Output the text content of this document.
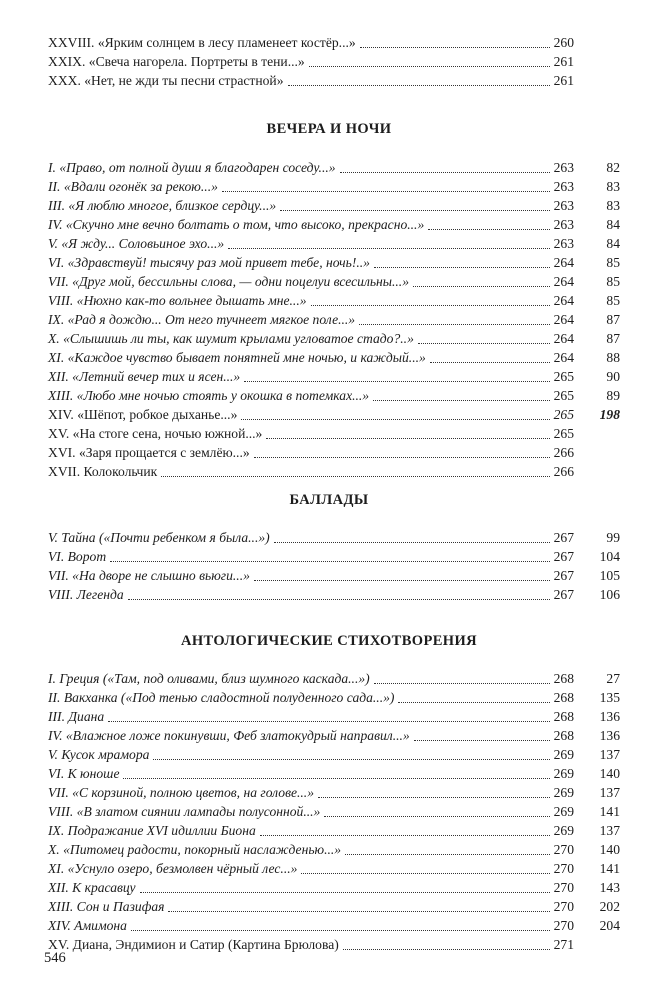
XXVIII. «Ярким солнцем в лесу пламенеет костёр...»	260
XXIX. «Свеча нагорела. Портреты в тени...»	261
XXX. «Нет, не жди ты песни страстной»	261
ВЕЧЕРА И НОЧИ
I. «Право, от полной души я благодарен соседу...»	263	82
II. «Вдали огонёк за рекою...»	263	83
III. «Я люблю многое, близкое сердцу...»	263	83
IV. «Скучно мне вечно болтать о том, что высоко, прекрасно...»	263	84
V. «Я жду... Соловьиное эхо...»	263	84
VI. «Здравствуй! тысячу раз мой привет тебе, ночь!..»	264	85
VII. «Друг мой, бессильны слова, — одни поцелуи всесильны...»	264	85
VIII. «Нюхно как-то вольнее дышать мне...»	264	85
IX. «Рад я дождю... От него тучнеет мягкое поле...»	264	87
X. «Слышишь ли ты, как шумит крылами угловатое стадо?..»	264	87
XI. «Каждое чувство бывает понятней мне ночью, и каждый...»	264	88
XII. «Летний вечер тих и ясен...»	265	90
XIII. «Любо мне ночью стоять у окошка в потемках...»	265	89
XIV. «Шёпот, робкое дыханье...»	265	198
XV. «На стоге сена, ночью южной...»	265
XVI. «Заря прощается с землёю...»	266
XVII. Колокольчик	266
БАЛЛАДЫ
V. Тайна («Почти ребенком я была...»)	267	99
VI. Ворот	267	104
VII. «На дворе не слышно вьюги...»	267	105
VIII. Легенда	267	106
АНТОЛОГИЧЕСКИЕ СТИХОТВОРЕНИЯ
I. Греция («Там, под оливами, близ шумного каскада...»)	268	27
II. Вакханка («Под тенью сладостной полуденного сада...»)	268	135
III. Диана	268	136
IV. «Влажное ложе покинувши, Феб златокудрый направил...»	268	136
V. Кусок мрамора	269	137
VI. К юноше	269	140
VII. «С корзиной, полною цветов, на голове...»	269	137
VIII. «В златом сиянии лампады полусонной...»	269	141
IX. Подражание XVI идиллии Биона	269	137
X. «Питомец радости, покорный наслажденью...»	270	140
XI. «Уснуло озеро, безмолвен чёрный лес...»	270	141
XII. К красавцу	270	143
XIII. Сон и Пазифая	270	202
XIV. Амимона	270	204
XV. Диана, Эндимион и Сатир (Картина Брюлова)	271
546
